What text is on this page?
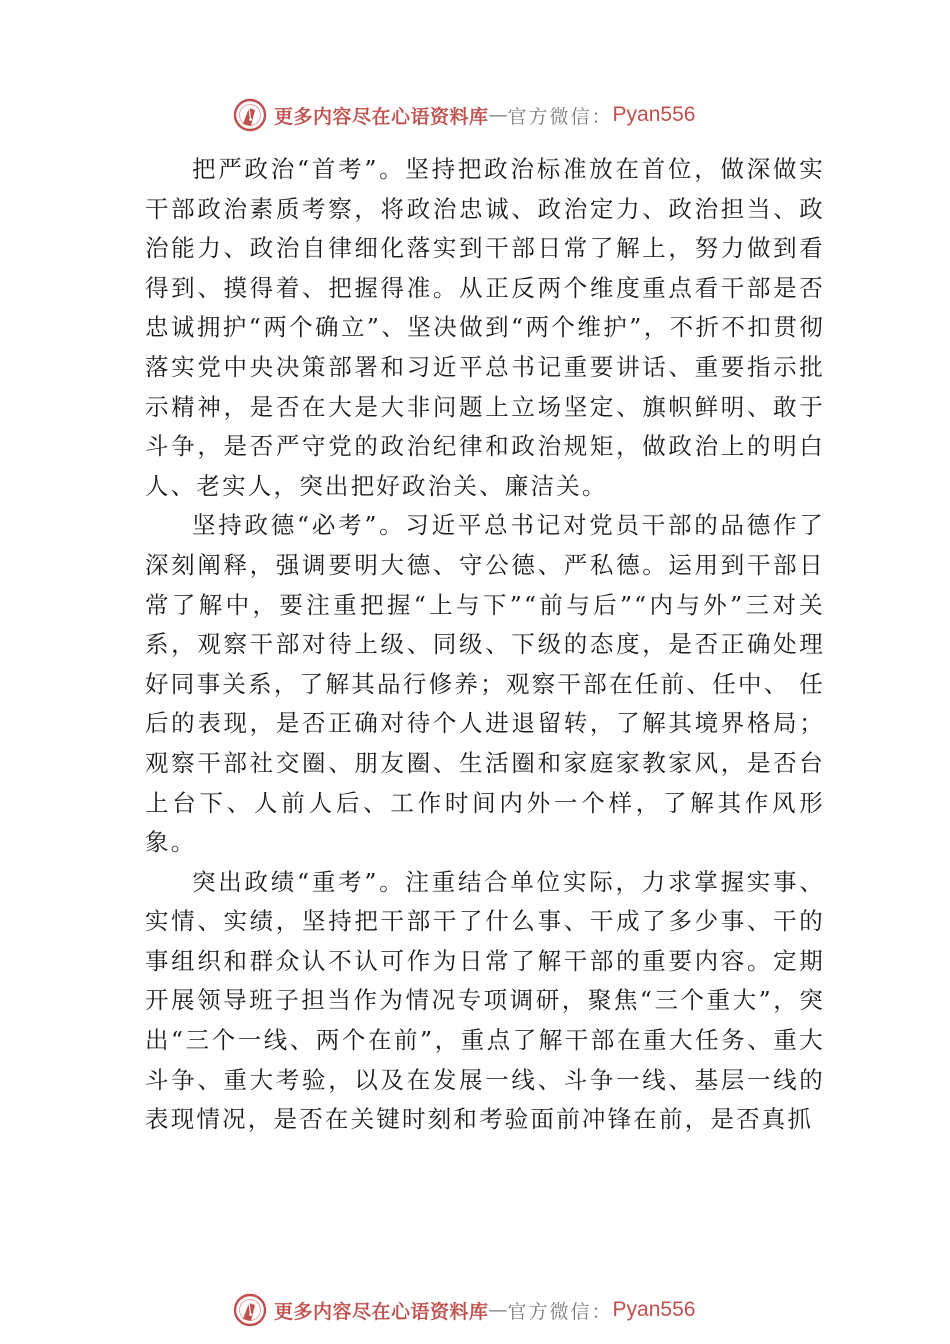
更多内容尽在心语资料库 — 官方微信 ： Pyan556

把严政治“首考”。坚持把政治标准放在首位，做深做实干部政治素质考察，将政治忠诚、政治定力、政治担当、政 治能力、政治自律细化落实到干部日常了解上，努力做到看得到、摸得着、把握得准。从正反两个维度重点看干部是否忠诚拥护“两个确立”、坚决做到“两个维护”，不折不扣贯彻落实党中央决策部署和习近平总书记重要讲话、重要指示批示精神，是否在大是大非问题上立场坚定、旗帜鲜明、敢于斗争，是否严守党的政治纪律和政治规矩，做政治上的明白人、老实人，突出把好政治关、廉洁关。

坚持政德“必考”。习近平总书记对党员干部的品德作了深刻阐释，强调要明大德、守公德、严私德。运用到干部日常了解中，要注重把握“上与下”“前与后”“内与外”三对关系，观察干部对待上级、同级、下级的态度，是否正确处理好同事关系，了解其品行修养；观察干部在任前、任中、 任后的表现，是否正确对待个人进退留转，了解其境界格局； 观察干部社交圈、朋友圈、生活圈和家庭家教家风，是否台上台下、人前人后、工作时间内外一个样，了解其作风形象。

突出政绩“重考”。注重结合单位实际，力求掌握实事、实情、实绩，坚持把干部干了什么事、干成了多少事、干的事组织和群众认不认可作为日常了解干部的重要内容。定期开展领导班子担当作为情况专项调研，聚焦“三个重大”，突出“三个一线、两个在前”，重点了解干部在重大任务、重大斗争、重大考验，以及在发展一线、斗争一线、基层一线的表现情况，是否在关键时刻和考验面前冲锋在前，是否真抓

更多内容尽在心语资料库 — 官方微信 ： Pyan556
